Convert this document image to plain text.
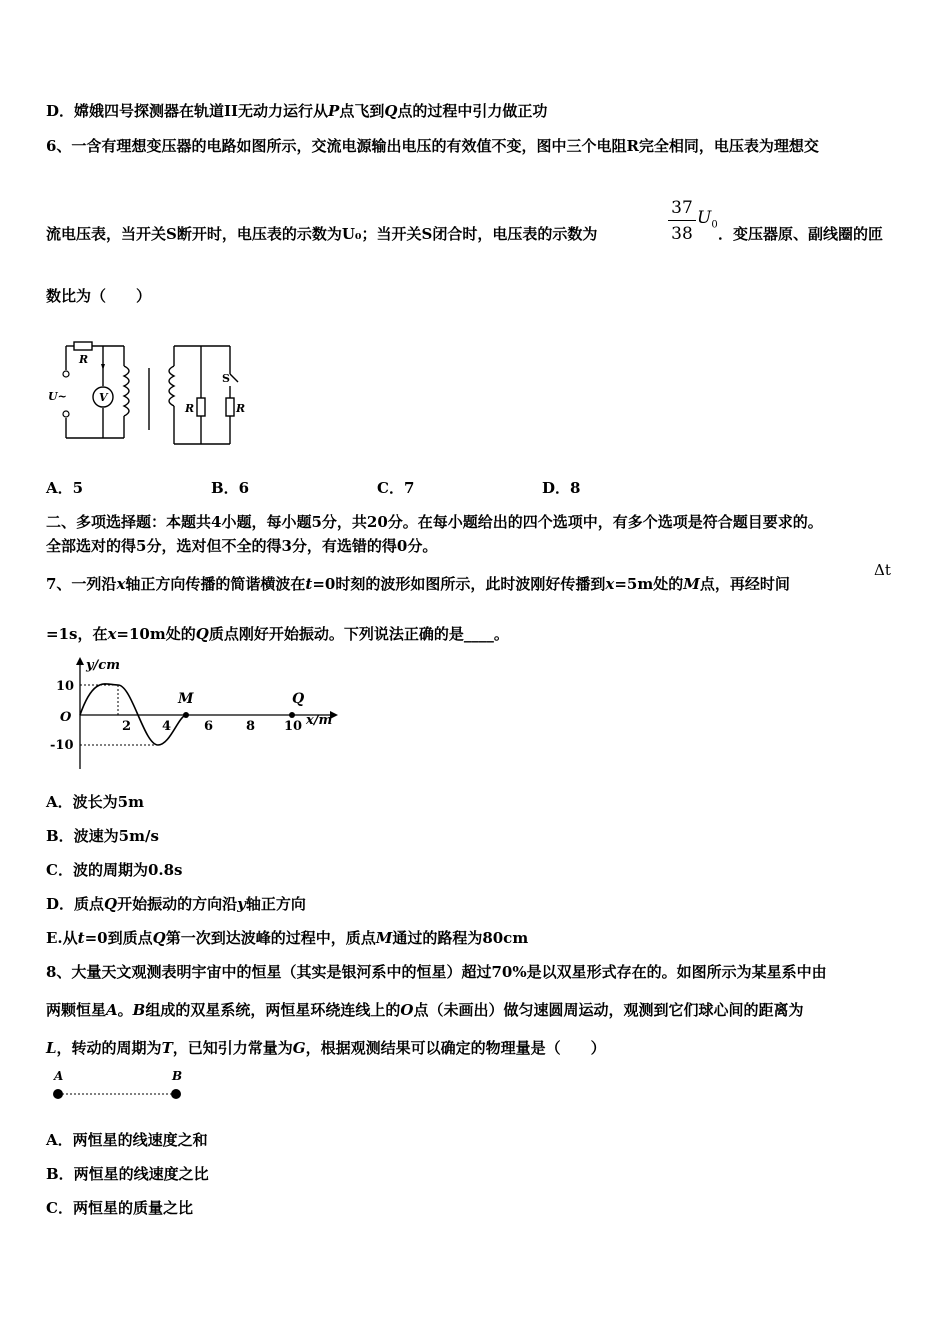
D．嫦娥四号探测器在轨道II无动力运行从P点飞到Q点的过程中引力做正功
6、一含有理想变压器的电路如图所示，交流电源输出电压的有效值不变，图中三个电阻R完全相同，电压表为理想交
流电压表，当开关S断开时，电压表的示数为U₀；当开关S闭合时，电压表的示数为
37
38
$U_0$
．变压器原、副线圈的匝
数比为（　　）
R
V
U~
S
R	R
A．5	B．6	C．7	D．8
二、多项选择题：本题共4小题，每小题5分，共20分。在每小题给出的四个选项中，有多个选项是符合题目要求的。
全部选对的得5分，选对但不全的得3分，有选错的得0分。
7、一列沿x轴正方向传播的简谐横波在t=0时刻的波形如图所示，此时波刚好传播到x=5m处的M点，再经时间
Δt
=1s，在x=10m处的Q质点刚好开始振动。下列说法正确的是____。
y/cm
x/m
O
10
-10
2 4	6	8 10
M	Q
A．波长为5m
B．波速为5m/s
C．波的周期为0.8s
D．质点Q开始振动的方向沿y轴正方向
E.从t=0到质点Q第一次到达波峰的过程中，质点M通过的路程为80cm
8、大量天文观测表明宇宙中的恒星（其实是银河系中的恒星）超过70%是以双星形式存在的。如图所示为某星系中由
两颗恒星A。B组成的双星系统，两恒星环绕连线上的O点（未画出）做匀速圆周运动，观测到它们球心间的距离为
L，转动的周期为T，已知引力常量为G，根据观测结果可以确定的物理量是（　　）
A	B
A．两恒星的线速度之和
B．两恒星的线速度之比
C．两恒星的质量之比
